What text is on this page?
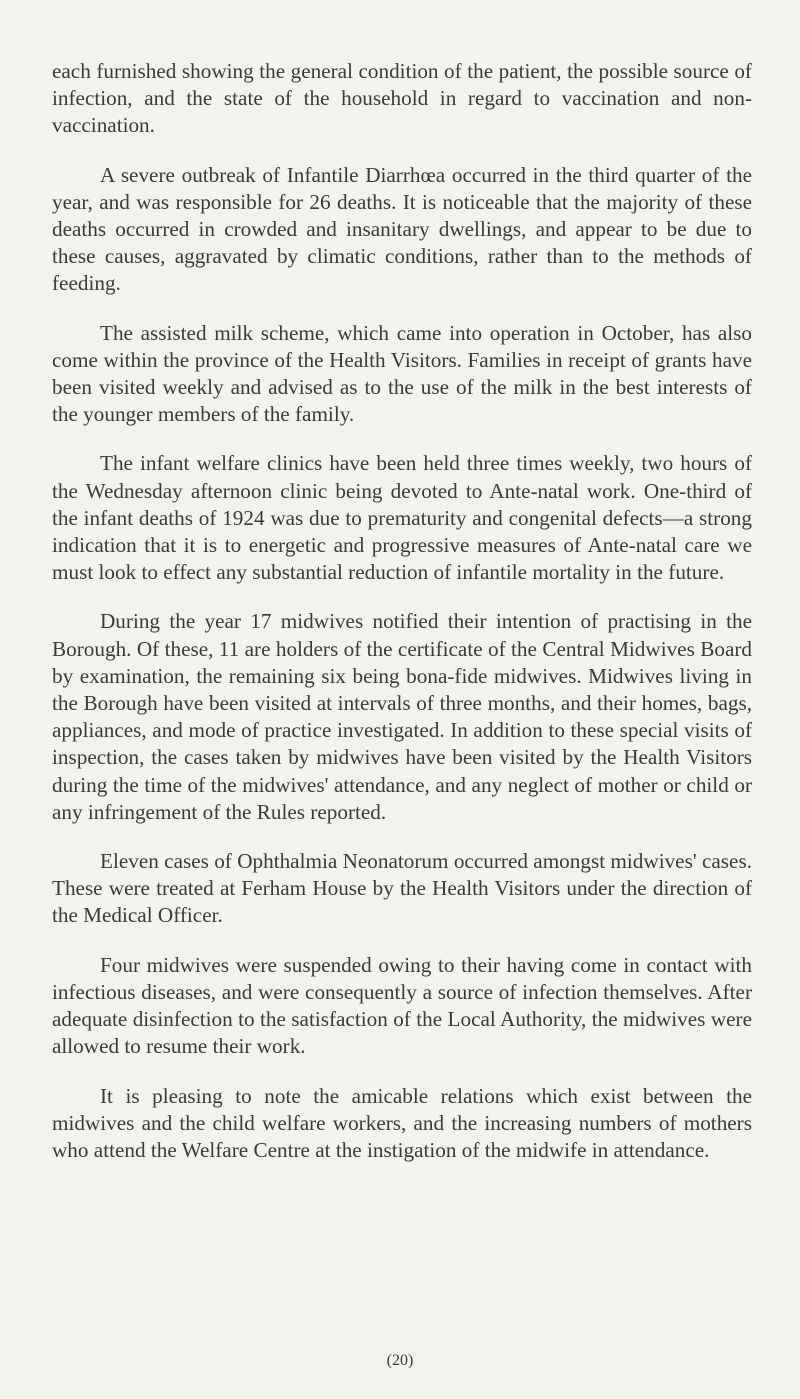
each furnished showing the general condition of the patient, the possible source of infection, and the state of the household in regard to vaccination and non-vaccination.

A severe outbreak of Infantile Diarrhœa occurred in the third quarter of the year, and was responsible for 26 deaths. It is noticeable that the majority of these deaths occurred in crowded and insanitary dwellings, and appear to be due to these causes, aggravated by climatic conditions, rather than to the methods of feeding.

The assisted milk scheme, which came into operation in October, has also come within the province of the Health Visitors. Families in receipt of grants have been visited weekly and advised as to the use of the milk in the best interests of the younger members of the family.

The infant welfare clinics have been held three times weekly, two hours of the Wednesday afternoon clinic being devoted to Ante-natal work. One-third of the infant deaths of 1924 was due to prematurity and congenital defects—a strong indication that it is to energetic and progressive measures of Ante-natal care we must look to effect any substantial reduction of infantile mortality in the future.

During the year 17 midwives notified their intention of practising in the Borough. Of these, 11 are holders of the certificate of the Central Midwives Board by examination, the remaining six being bona-fide midwives. Midwives living in the Borough have been visited at intervals of three months, and their homes, bags, appliances, and mode of practice investigated. In addition to these special visits of inspection, the cases taken by midwives have been visited by the Health Visitors during the time of the midwives' attendance, and any neglect of mother or child or any infringement of the Rules reported.

Eleven cases of Ophthalmia Neonatorum occurred amongst midwives' cases. These were treated at Ferham House by the Health Visitors under the direction of the Medical Officer.

Four midwives were suspended owing to their having come in contact with infectious diseases, and were consequently a source of infection themselves. After adequate disinfection to the satisfaction of the Local Authority, the midwives were allowed to resume their work.

It is pleasing to note the amicable relations which exist between the midwives and the child welfare workers, and the increasing numbers of mothers who attend the Welfare Centre at the instigation of the midwife in attendance.

(20)
